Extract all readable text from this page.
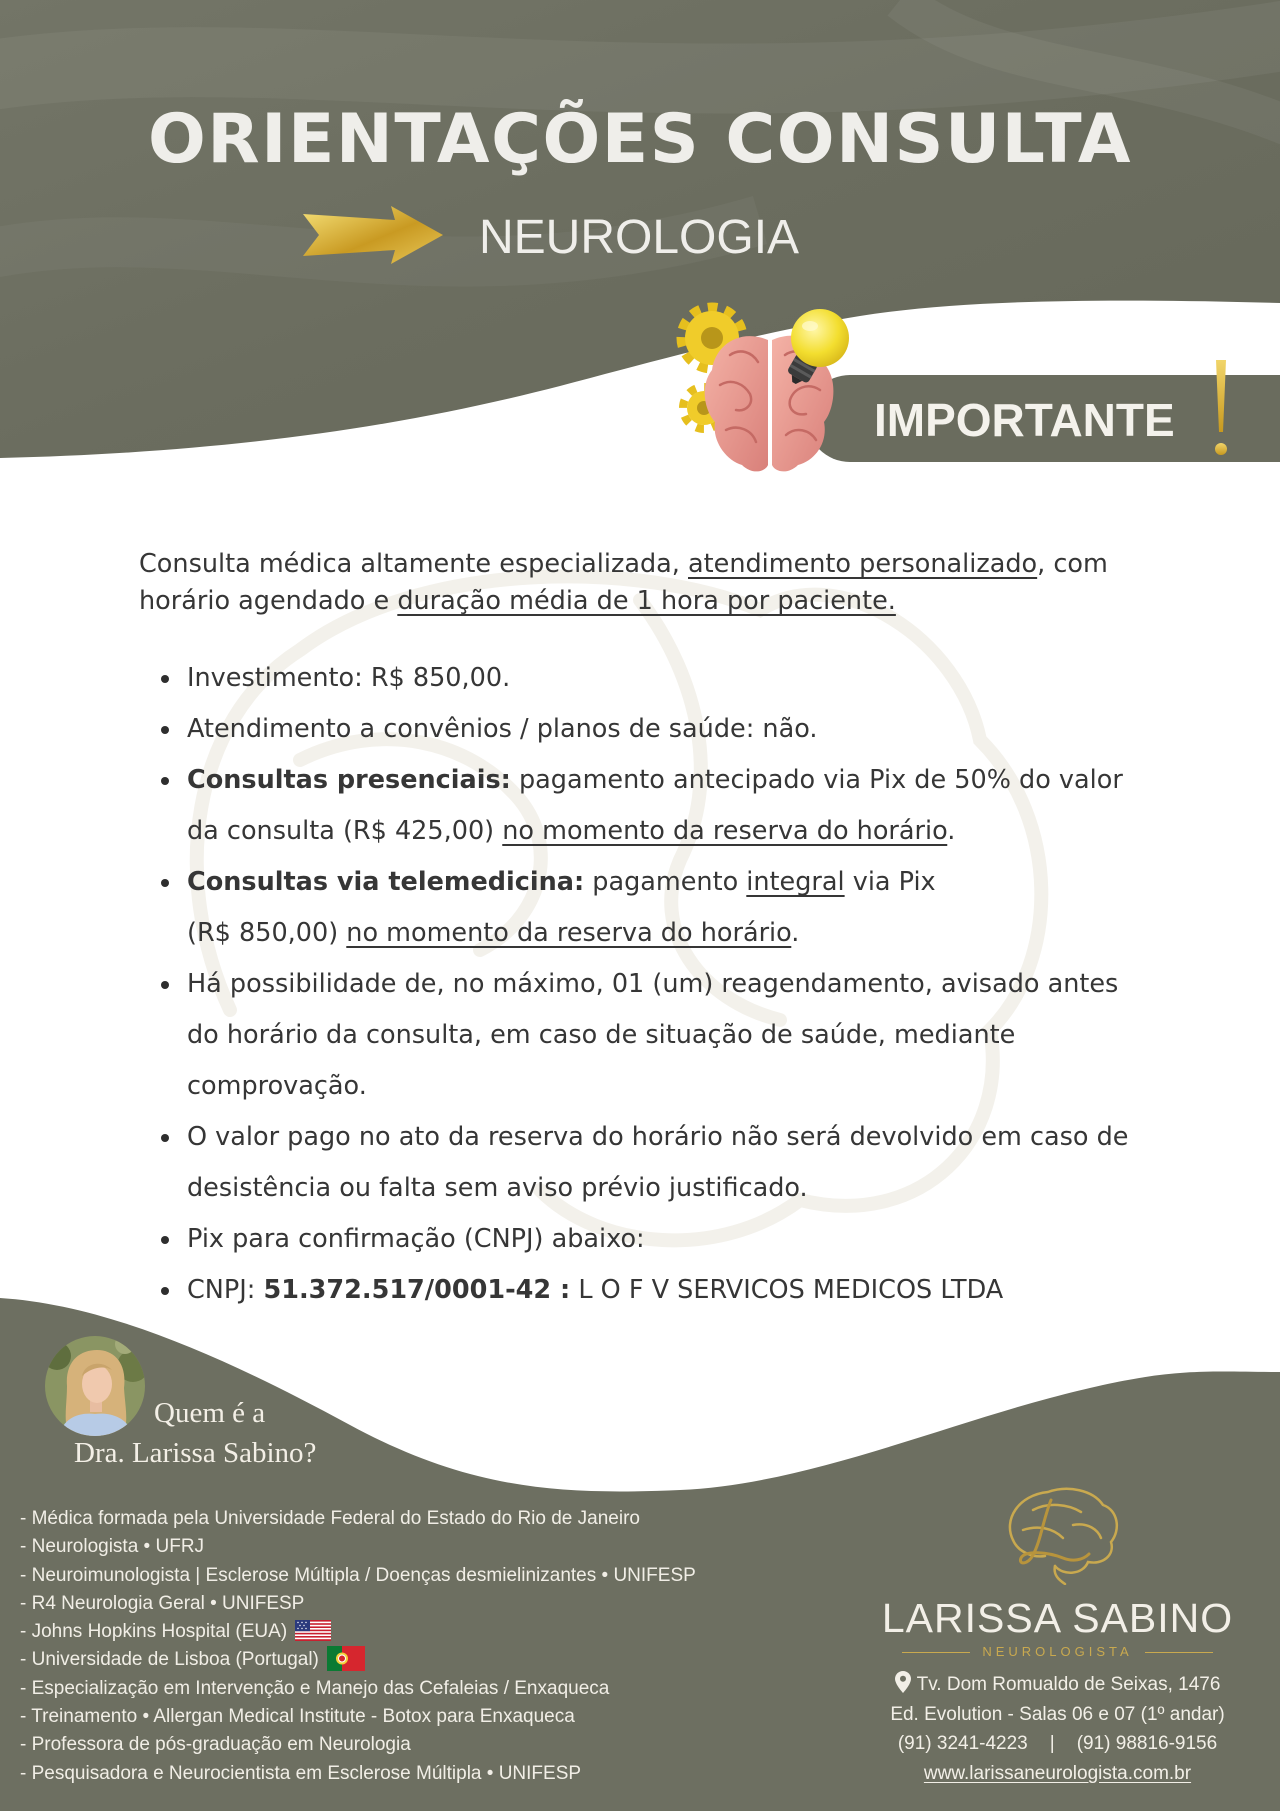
ORIENTAÇÕES CONSULTA
NEUROLOGIA
IMPORTANTE
Consulta médica altamente especializada, atendimento personalizado, com
horário agendado e duração média de 1 hora por paciente.
Investimento: R$ 850,00.
Atendimento a convênios / planos de saúde: não.
Consultas presenciais: pagamento antecipado via Pix de 50% do valor
da consulta (R$ 425,00) no momento da reserva do horário.
Consultas via telemedicina: pagamento integral via Pix
(R$ 850,00) no momento da reserva do horário.
Há possibilidade de, no máximo, 01 (um) reagendamento, avisado antes
do horário da consulta, em caso de situação de saúde, mediante
comprovação.
O valor pago no ato da reserva do horário não será devolvido em caso de
desistência ou falta sem aviso prévio justificado.
Pix para confirmação (CNPJ) abaixo:
CNPJ: 51.372.517/0001-42 : L O F V SERVICOS MEDICOS LTDA
Quem é a
Dra. Larissa Sabino?
- Médica formada pela Universidade Federal do Estado do Rio de Janeiro
- Neurologista • UFRJ
- Neuroimunologista | Esclerose Múltipla / Doenças desmielinizantes • UNIFESP
- R4 Neurologia Geral • UNIFESP
- Johns Hopkins Hospital (EUA)
- Universidade de Lisboa (Portugal)
- Especialização em Intervenção e Manejo das Cefaleias / Enxaqueca
- Treinamento • Allergan Medical Institute - Botox para Enxaqueca
- Professora de pós-graduação em Neurologia
- Pesquisadora e Neurocientista em Esclerose Múltipla • UNIFESP
LARISSA SABINO
NEUROLOGISTA
Tv. Dom Romualdo de Seixas, 1476
Ed. Evolution - Salas 06 e 07 (1º andar)
(91) 3241-4223 | (91) 98816-9156
www.larissaneurologista.com.br
